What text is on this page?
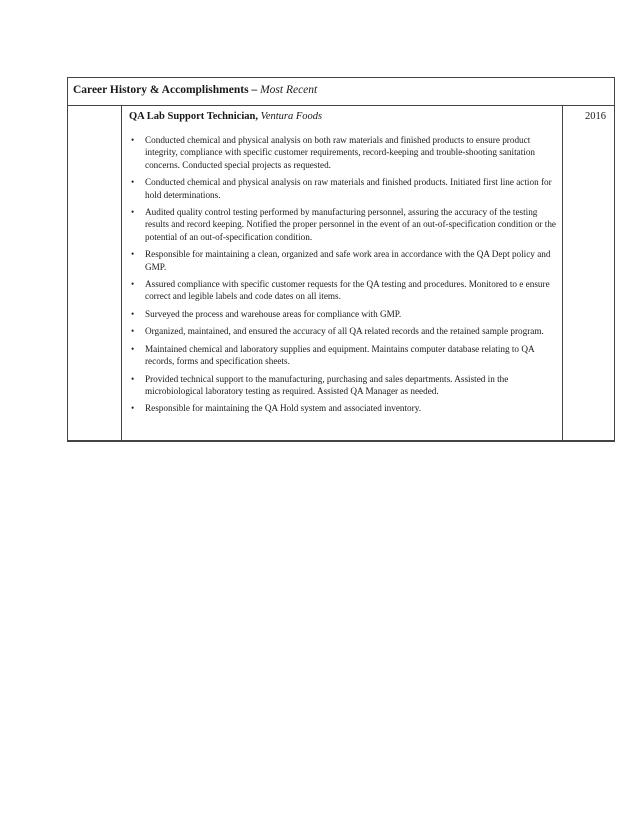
Career History & Accomplishments – Most Recent
2016
QA Lab Support Technician, Ventura Foods
• Conducted chemical and physical analysis on both raw materials and finished products to ensure product integrity, compliance with specific customer requirements, record-keeping and trouble-shooting sanitation concerns. Conducted special projects as requested.
• Conducted chemical and physical analysis on raw materials and finished products. Initiated first line action for hold determinations.
• Audited quality control testing performed by manufacturing personnel, assuring the accuracy of the testing results and record keeping. Notified the proper personnel in the event of an out-of-specification condition or the potential of an out-of-specification condition.
• Responsible for maintaining a clean, organized and safe work area in accordance with the QA Dept policy and GMP.
• Assured compliance with specific customer requests for the QA testing and procedures. Monitored to e ensure correct and legible labels and code dates on all items.
• Surveyed the process and warehouse areas for compliance with GMP.
• Organized, maintained, and ensured the accuracy of all QA related records and the retained sample program.
• Maintained chemical and laboratory supplies and equipment. Maintains computer database relating to QA records, forms and specification sheets.
• Provided technical support to the manufacturing, purchasing and sales departments. Assisted in the microbiological laboratory testing as required. Assisted QA Manager as needed.
• Responsible for maintaining the QA Hold system and associated inventory.
